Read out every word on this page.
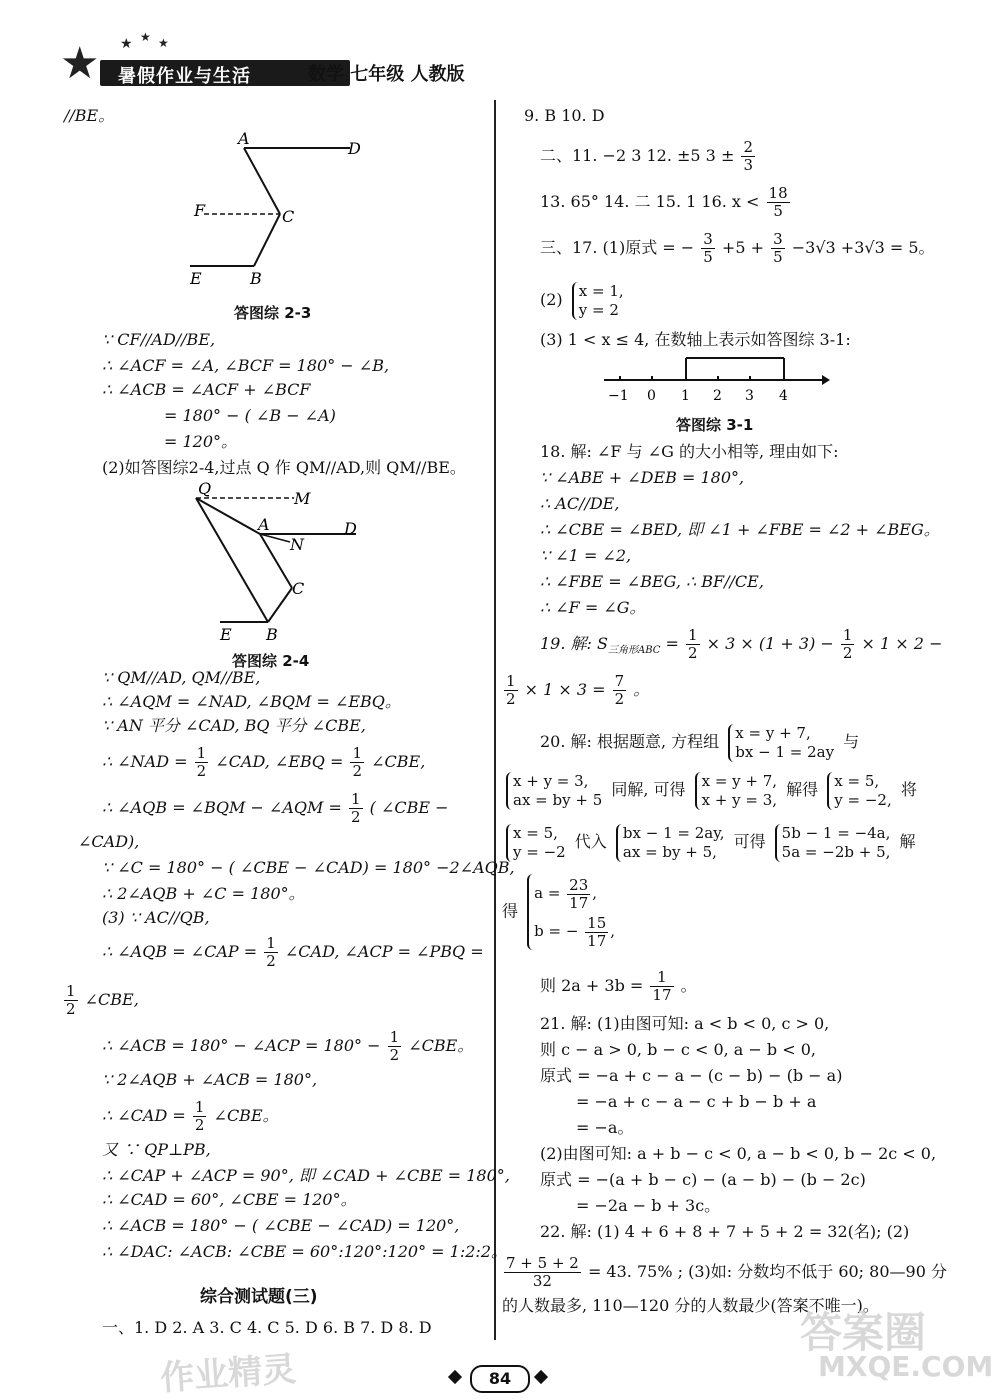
★ ★ ★ ★
暑假作业与生活	数学 七年级 人教版
//BE。
A
D
F	C
E	B
答图综 2-3
∵ CF//AD//BE,
∴ ∠ACF = ∠A, ∠BCF = 180° − ∠B,
∴ ∠ACB = ∠ACF + ∠BCF
= 180° − ( ∠B − ∠A)
= 120°。
(2)如答图综2-4,过点 Q 作 QM//AD,则 QM//BE。
Q
M
A	D
N
C
E B
答图综 2-4
∵ QM//AD, QM//BE,
∴ ∠AQM = ∠NAD, ∠BQM = ∠EBQ。
∵ AN 平分 ∠CAD, BQ 平分 ∠CBE,
∴ ∠NAD = $\frac{1}{2}$ ∠CAD, ∠EBQ = $\frac{1}{2}$ ∠CBE,
∴ ∠AQB = ∠BQM − ∠AQM = $\frac{1}{2}$ ( ∠CBE −
∠CAD),
∵ ∠C = 180° − ( ∠CBE − ∠CAD) = 180° −2∠AQB,
∴ 2∠AQB + ∠C = 180°。
(3) ∵ AC//QB,
∴ ∠AQB = ∠CAP = $\frac{1}{2}$ ∠CAD, ∠ACP = ∠PBQ =
$\frac{1}{2}$ ∠CBE,
∴ ∠ACB = 180° − ∠ACP = $180^\circ - \frac{1}{2}$ ∠CBE。
∵ 2∠AQB + ∠ACB = 180°,
∴ ∠CAD = $\frac{1}{2}$ ∠CBE。
又 ∵ QP⊥PB,
∴ ∠CAP + ∠ACP = 90°, 即 ∠CAD + ∠CBE = 180°,
∴ ∠CAD = 60°, ∠CBE = 120°。
∴ ∠ACB = 180° − ( ∠CBE − ∠CAD) = 120°,
∴ ∠DAC: ∠ACB: ∠CBE = 60°:120°:120° = 1:2:2。
综合测试题(三)
一、1. D 2. A 3. C 4. C 5. D 6. B 7. D 8. D
9. B 10. D
二、11. −2 3 12. ±5 $3 \pm \frac{2}{3}$
13. 65° 14. 二 15. 1 16. $x < \frac{18}{5}$
三、17. (1)原式 = − $\frac{3}{5} +5 + \frac{3}{5} -3√3 +3√3 = 5$。
(2) x = 1,
y = 2
(3) 1 < x ≤ 4, 在数轴上表示如答图综 3-1:
−1 0 1 2 3 4
答图综 3-1
18. 解: ∠F 与 ∠G 的大小相等, 理由如下:
∵ ∠ABE + ∠DEB = 180°,
∴ AC//DE,
∴ ∠CBE = ∠BED, 即 ∠1 + ∠FBE = ∠2 + ∠BEG。
∵ ∠1 = ∠2,
∴ ∠FBE = ∠BEG, ∴ BF//CE,
∴ ∠F = ∠G。
19. 解: $S_{三角形ABC} = \frac{1}{2} \times 3 \times (1 + 3) - \frac{1}{2} \times 1 \times 2$ −
$\frac{1}{2} \times 1 \times 3 = \frac{7}{2}$ 。
20. 解: 根据题意, 方程组 x = y + 7,
bx − 1 = 2ay 与
x + y = 3,
ax = by + 5 同解, 可得 x = y + 7,
x + y = 3, 解得 x = 5,
y = −2, 将
x = 5,
y = −2 代入 bx − 1 = 2ay,
ax = by + 5, 可得 5b − 1 = −4a,
5a = −2b + 5, 解
得 $a = \frac{23}{17}$ ,
b = − $\frac{15}{17}$ ,
则 $2a + 3b = \frac{1}{17}$ 。
21. 解: (1)由图可知: a < b < 0, c > 0,
则 c − a > 0, b − c < 0, a − b < 0,
原式 = −a + c − a − (c − b) − (b − a)
= −a + c − a − c + b − b + a
= −a。
(2)由图可知: a + b − c < 0, a − b < 0, b − 2c < 0,
原式 = −(a + b − c) − (a − b) − (b − 2c)
= −2a − b + 3c。
22. 解: (1) 4 + 6 + 8 + 7 + 5 + 2 = 32(名); (2)
$\frac{7 + 5 + 2}{32} = 43$. 75% ; (3)如: 分数均不低于 60; 80—90 分
的人数最多, 110—120 分的人数最少(答案不唯一)。
作业精灵
答案圈
MXQE.COM
84
